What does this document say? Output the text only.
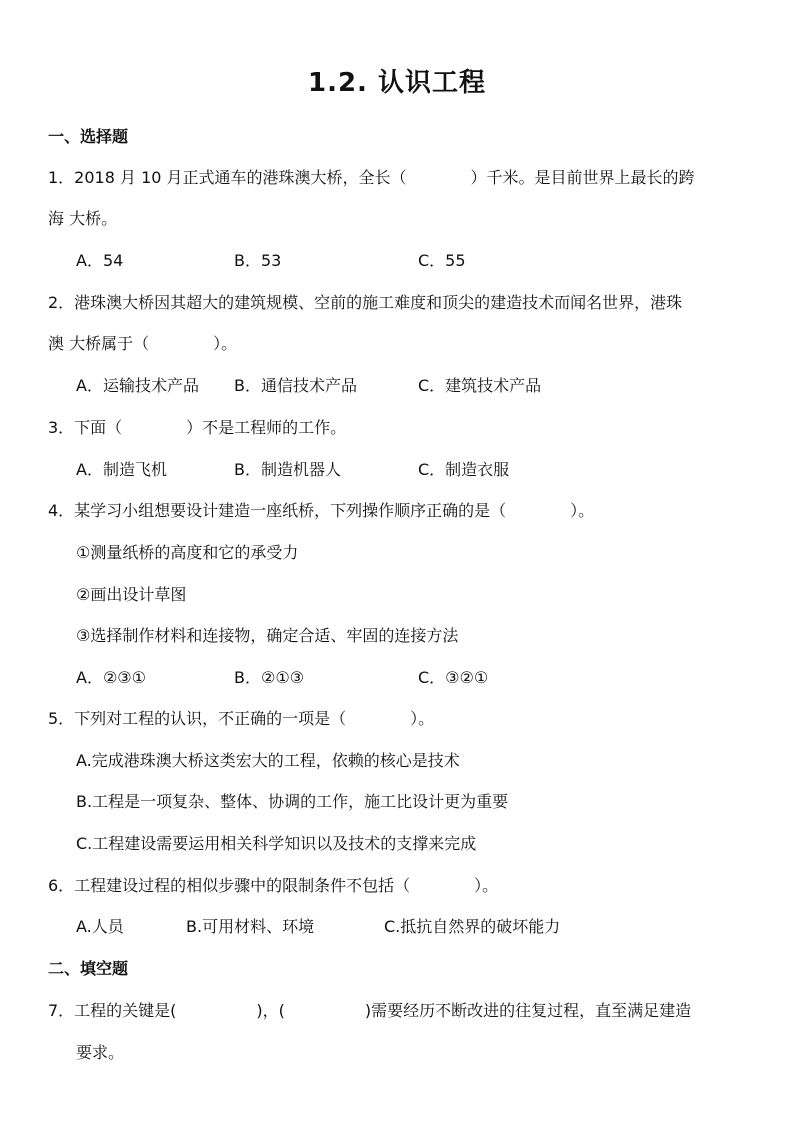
1.2. 认识工程
一、选择题
1．2018 月 10 月正式通车的港珠澳大桥，全长（　　　　）千米。是目前世界上最长的跨
海 大桥。
A．54	B．53	C．55
2．港珠澳大桥因其超大的建筑规模、空前的施工难度和顶尖的建造技术而闻名世界，港珠
澳 大桥属于（　　　　）。
A．运输技术产品 B．通信技术产品	C．建筑技术产品
3．下面（　　　　）不是工程师的工作。
A．制造飞机	B．制造机器人	C．制造衣服
4．某学习小组想要设计建造一座纸桥，下列操作顺序正确的是（　　　　）。
①测量纸桥的高度和它的承受力
②画出设计草图
③选择制作材料和连接物，确定合适、牢固的连接方法
A．②③①	B．②①③	C．③②①
5．下列对工程的认识，不正确的一项是（　　　　）。
A.完成港珠澳大桥这类宏大的工程，依赖的核心是技术
B.工程是一项复杂、整体、协调的工作，施工比设计更为重要
C.工程建设需要运用相关科学知识以及技术的支撑来完成
6．工程建设过程的相似步骤中的限制条件不包括（　　　　）。
A.人员	B.可用材料、环境	C.抵抗自然界的破坏能力
二、填空题
7．工程的关键是(　　　　　)，(　　　　　)需要经历不断改进的往复过程，直至满足建造
要求。
